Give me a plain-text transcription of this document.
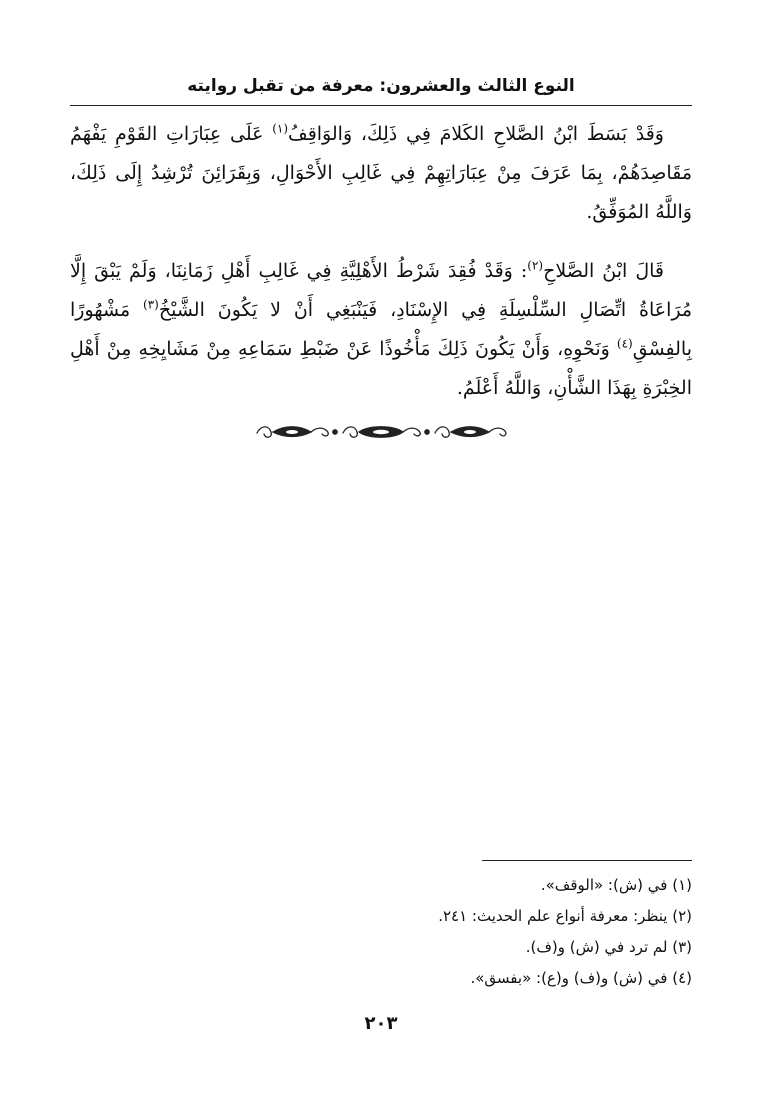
النوع الثالث والعشرون: معرفة من تقبل روايته

وَقَدْ بَسَطَ ابْنُ الصَّلاحِ الكَلامَ فِي ذَلِكَ، وَالوَاقِفُ$^{(١)}$ عَلَى عِبَارَاتِ القَوْمِ يَفْهَمُ مَقَاصِدَهُمْ، بِمَا عَرَفَ مِنْ عِبَارَاتِهِمْ فِي غَالِبِ الأَحْوَالِ، وَبِقَرَائِنَ تُرْشِدُ إِلَى ذَلِكَ، وَاللَّهُ المُوَفِّقُ.

قَالَ ابْنُ الصَّلاحِ$^{(٢)}$: وَقَدْ فُقِدَ شَرْطُ الأَهْلِيَّةِ فِي غَالِبِ أَهْلِ زَمَانِنَا، وَلَمْ يَبْقَ إِلَّا مُرَاعَاةُ اتِّصَالِ السِّلْسِلَةِ فِي الإِسْنَادِ، فَيَنْبَغِي أَنْ لا يَكُونَ الشَّيْخُ$^{(٣)}$ مَشْهُورًا بِالفِسْقِ$^{(٤)}$ وَنَحْوِهِ، وَأَنْ يَكُونَ ذَلِكَ مَأْخُوذًا عَنْ ضَبْطِ سَمَاعِهِ مِنْ مَشَايِخِهِ مِنْ أَهْلِ الخِبْرَةِ بِهَذَا الشَّأْنِ، وَاللَّهُ أَعْلَمُ.

(١) في (ش): «الوقف».

(٢) ينظر: معرفة أنواع علم الحديث: ٢٤١.

(٣) لم ترد في (ش) و(ف).

(٤) في (ش) و(ف) و(ع): «بفسق».

٢٠٣
